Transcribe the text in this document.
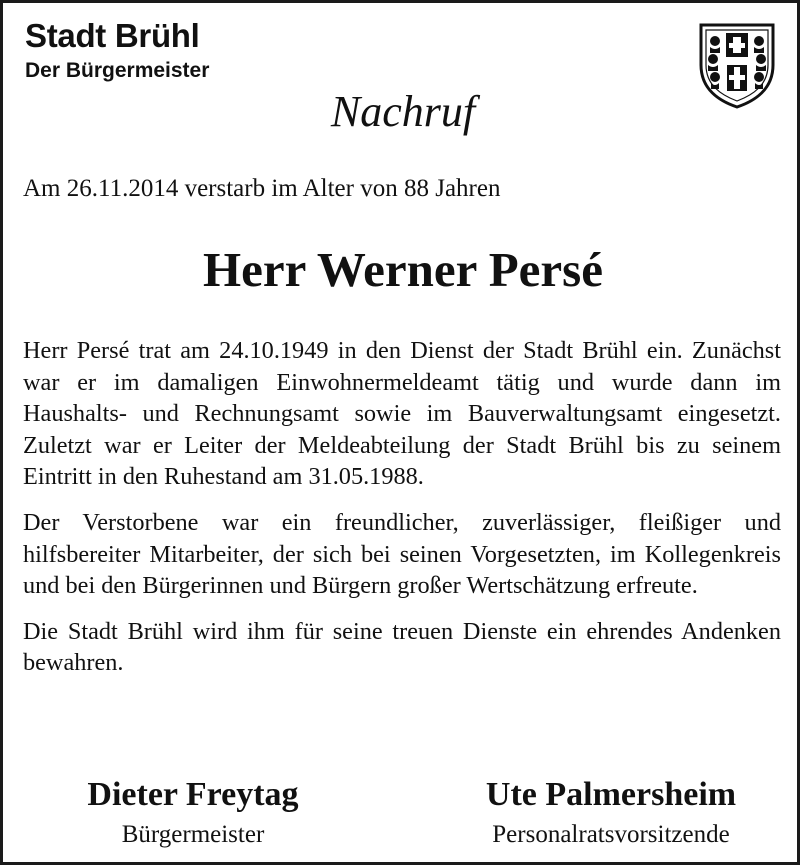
Stadt Brühl
Der Bürgermeister
Nachruf
Am 26.11.2014 verstarb im Alter von 88 Jahren
Herr Werner Persé

Herr Persé trat am 24.10.1949 in den Dienst der Stadt Brühl ein. Zunächst war er im damaligen Einwohnermeldeamt tätig und wurde dann im Haushalts- und Rechnungsamt sowie im Bauverwaltungsamt eingesetzt. Zuletzt war er Leiter der Meldeabteilung der Stadt Brühl bis zu seinem Eintritt in den Ruhestand am 31.05.1988.

Der Verstorbene war ein freundlicher, zuverlässiger, fleißiger und hilfsbereiter Mitarbeiter, der sich bei seinen Vorgesetzten, im Kollegenkreis und bei den Bürgerinnen und Bürgern großer Wertschätzung erfreute.

Die Stadt Brühl wird ihm für seine treuen Dienste ein ehrendes Andenken bewahren.

Dieter Freytag
Bürgermeister
Ute Palmersheim
Personalratsvorsitzende
